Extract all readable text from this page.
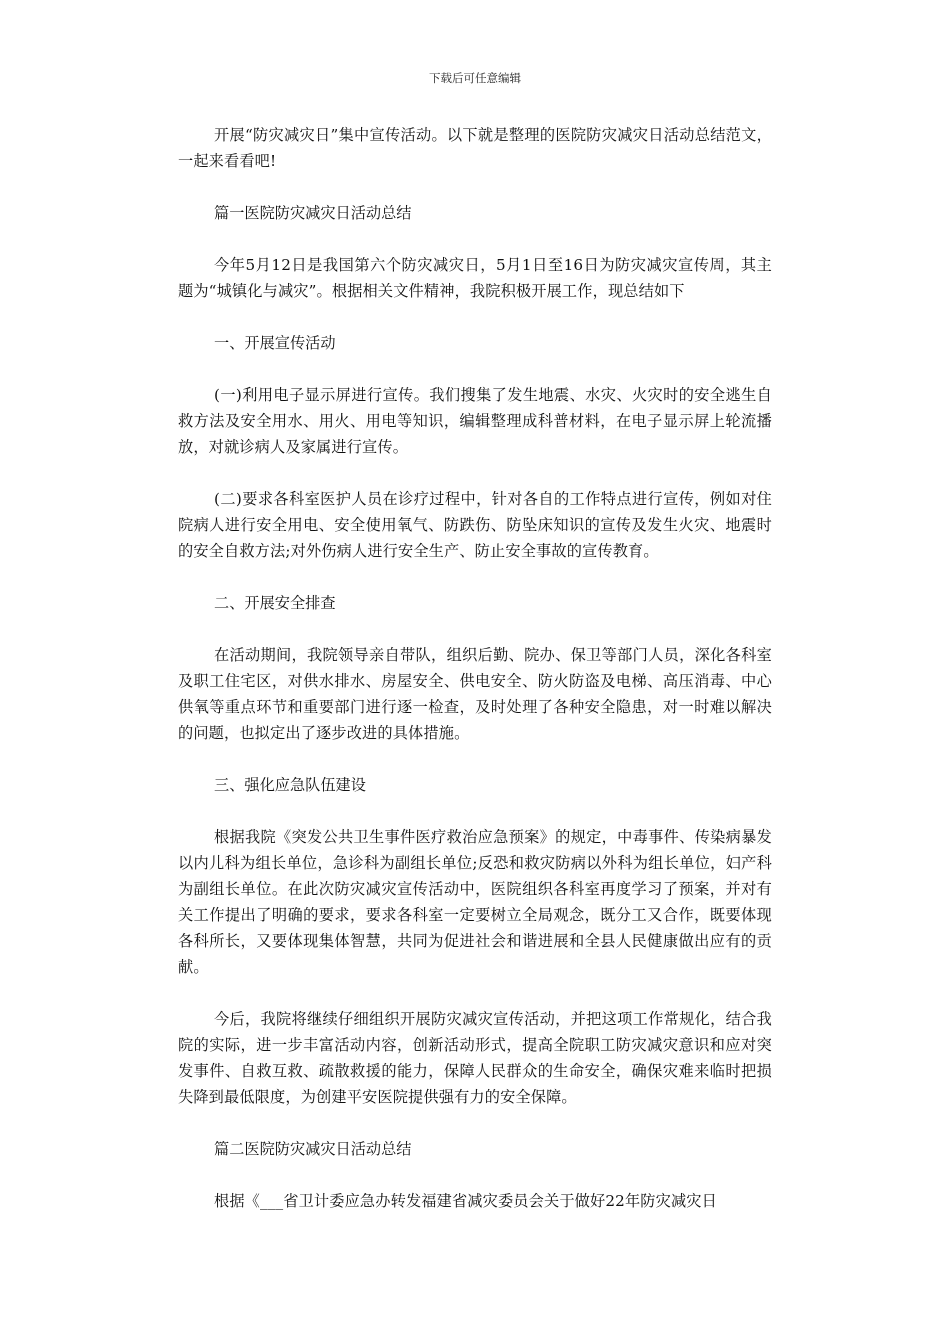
下载后可任意编辑

开展“防灾减灾日”集中宣传活动。以下就是整理的医院防灾减灾日活动总结范文，一起来看看吧!

篇一医院防灾减灾日活动总结

今年5月12日是我国第六个防灾减灾日，5月1日至16日为防灾减灾宣传周，其主题为“城镇化与减灾”。根据相关文件精神，我院积极开展工作，现总结如下

一、开展宣传活动

(一)利用电子显示屏进行宣传。我们搜集了发生地震、水灾、火灾时的安全逃生自救方法及安全用水、用火、用电等知识，编辑整理成科普材料，在电子显示屏上轮流播放，对就诊病人及家属进行宣传。

(二)要求各科室医护人员在诊疗过程中，针对各自的工作特点进行宣传，例如对住院病人进行安全用电、安全使用氧气、防跌伤、防坠床知识的宣传及发生火灾、地震时的安全自救方法;对外伤病人进行安全生产、防止安全事故的宣传教育。

二、开展安全排查

在活动期间，我院领导亲自带队，组织后勤、院办、保卫等部门人员，深化各科室及职工住宅区，对供水排水、房屋安全、供电安全、防火防盗及电梯、高压消毒、中心供氧等重点环节和重要部门进行逐一检查，及时处理了各种安全隐患，对一时难以解决的问题，也拟定出了逐步改进的具体措施。

三、强化应急队伍建设

根据我院《突发公共卫生事件医疗救治应急预案》的规定，中毒事件、传染病暴发以内儿科为组长单位，急诊科为副组长单位;反恐和救灾防病以外科为组长单位，妇产科为副组长单位。在此次防灾减灾宣传活动中，医院组织各科室再度学习了预案，并对有关工作提出了明确的要求，要求各科室一定要树立全局观念，既分工又合作，既要体现各科所长，又要体现集体智慧，共同为促进社会和谐进展和全县人民健康做出应有的贡献。

今后，我院将继续仔细组织开展防灾减灾宣传活动，并把这项工作常规化，结合我院的实际，进一步丰富活动内容，创新活动形式，提高全院职工防灾减灾意识和应对突发事件、自救互救、疏散救援的能力，保障人民群众的生命安全，确保灾难来临时把损失降到最低限度，为创建平安医院提供强有力的安全保障。

篇二医院防灾减灾日活动总结

根据《___省卫计委应急办转发福建省减灾委员会关于做好22年防灾减灾日
